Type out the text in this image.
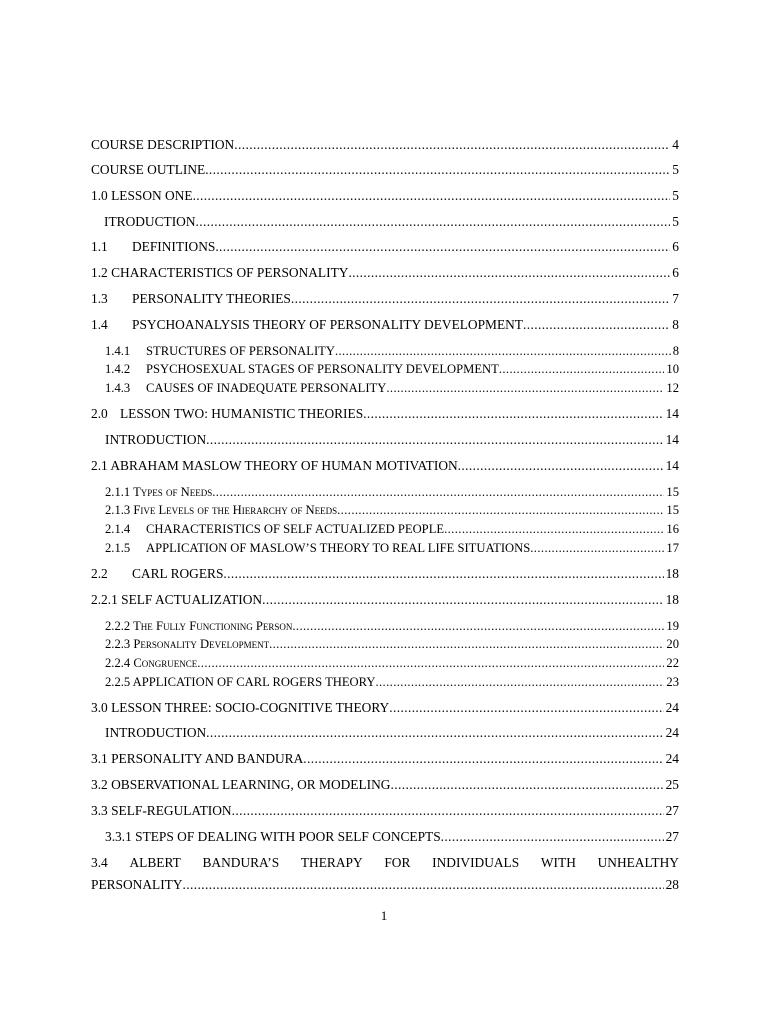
COURSE DESCRIPTION .....	4
COURSE OUTLINE .....	5
1.0 LESSON ONE .....	5
ITRODUCTION .....	5
1.1	DEFINITIONS .....	6
1.2 CHARACTERISTICS OF PERSONALITY .....	6
1.3	PERSONALITY THEORIES .....	7
1.4	PSYCHOANALYSIS THEORY OF PERSONALITY DEVELOPMENT .....	8
1.4.1	STRUCTURES OF PERSONALITY .....	8
1.4.2	PSYCHOSEXUAL STAGES OF PERSONALITY DEVELOPMENT .....	10
1.4.3	CAUSES OF INADEQUATE PERSONALITY .....	12
2.0 LESSON TWO: HUMANISTIC THEORIES .....	14
INTRODUCTION .....	14
2.1 ABRAHAM MASLOW THEORY OF HUMAN MOTIVATION .....	14
2.1.1 Types of Needs .....	15
2.1.3 Five Levels of the Hierarchy of Needs .....	15
2.1.4	CHARACTERISTICS OF SELF ACTUALIZED PEOPLE .....	16
2.1.5	APPLICATION OF MASLOW’S THEORY TO REAL LIFE SITUATIONS .....	17
2.2	CARL ROGERS .....	18
2.2.1 SELF ACTUALIZATION .....	18
2.2.2 The Fully Functioning Person .....	19
2.2.3 Personality Development .....	20
2.2.4 Congruence .....	22
2.2.5 APPLICATION OF CARL ROGERS THEORY .....	23
3.0 LESSON THREE: SOCIO-COGNITIVE THEORY .....	24
INTRODUCTION .....	24
3.1 PERSONALITY AND BANDURA .....	24
3.2 OBSERVATIONAL LEARNING, OR MODELING .....	25
3.3 SELF-REGULATION .....	27
3.3.1 STEPS OF DEALING WITH POOR SELF CONCEPTS .....	27
3.4 ALBERT BANDURA’S THERAPY FOR INDIVIDUALS WITH UNHEALTHY
PERSONALITY .....	28
1
